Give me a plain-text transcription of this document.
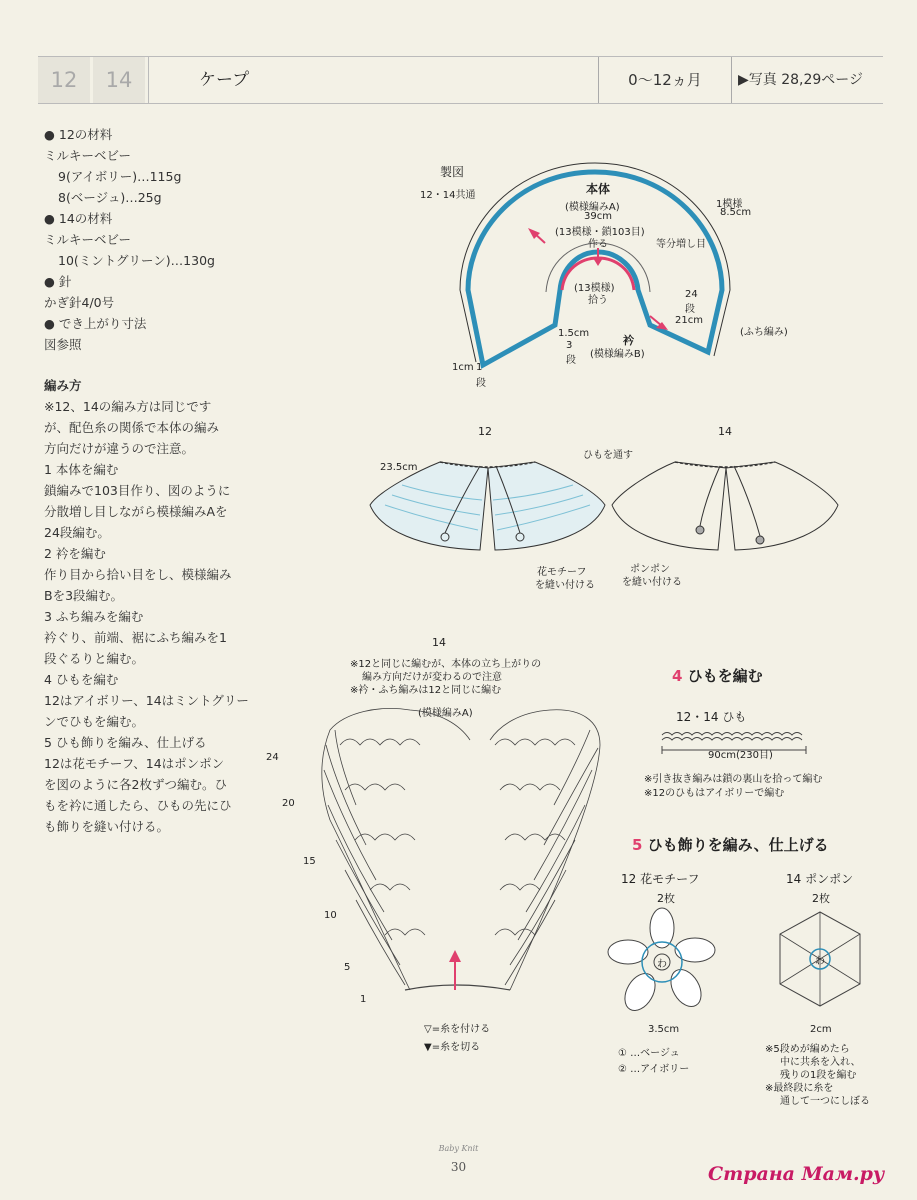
12	14	ケープ	0～12ヵ月	▶写真 28,29ページ
● 12の材料
ミルキーベビー
9(アイボリー)…115g
8(ベージュ)…25g
● 14の材料
ミルキーベビー
10(ミントグリーン)…130g
● 針
かぎ針4/0号
● でき上がり寸法
図参照
編み方
※12、14の編み方は同じです
が、配色糸の関係で本体の編み
方向だけが違うので注意。
1 本体を編む
鎖編みで103目作り、図のように
分散増し目しながら模様編みAを
24段編む。
2 衿を編む
作り目から拾い目をし、模様編み
Bを3段編む。
3 ふち編みを編む
衿ぐり、前端、裾にふち編みを1
段ぐるりと編む。
4 ひもを編む
12はアイボリー、14はミントグリー
ンでひもを編む。
5 ひも飾りを編み、仕上げる
12は花モチーフ、14はポンポン
を図のように各2枚ずつ編む。ひ
もを衿に通したら、ひもの先にひ
も飾りを縫い付ける。
製図
12・14共通	本体
(模様編みA)
39cm
(13模様・鎖103目)
作る
1模様
8.5cm
等分増し目
(13模様)
拾う
24
段
21cm
(ふち編み)
1.5cm
3
段
衿
(模様編みB)
1cm 1
段
12	14
ひもを通す
23.5cm
花モチーフ
を縫い付ける
ポンポン
を縫い付ける
14
※12と同じに編むが、本体の立ち上がりの
編み方向だけが変わるので注意
※衿・ふち編みは12と同じに編む
(模様編みA)
24
20
15
10
5
1
▽=糸を付ける
▼=糸を切る
4 ひもを編む
12・14 ひも
90cm(230目)
※引き抜き編みは鎖の裏山を拾って編む
※12のひもはアイボリーで編む
5 ひも飾りを編み、仕上げる
12 花モチーフ
2枚
わ
3.5cm
① …ベージュ
② …アイボリー
14 ポンポン
2枚
わ
2cm
※5段めが編めたら
中に共糸を入れ、
残りの1段を編む
※最終段に糸を
通して一つにしぼる
Baby Knit
30	Страна Мам.ру
